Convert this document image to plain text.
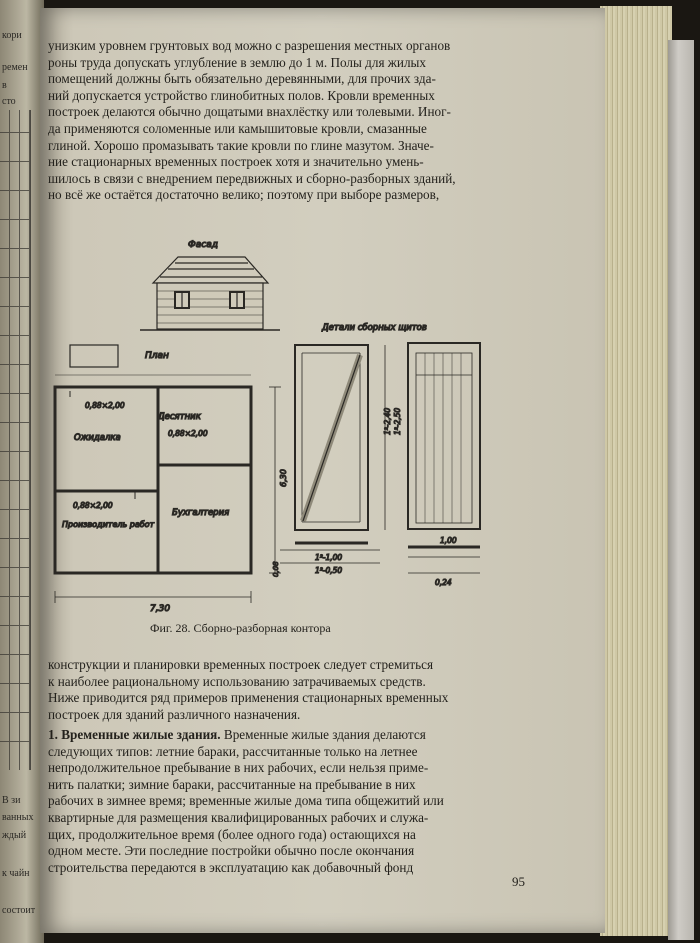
кори
ремен
в
сто
В зи
ванных
ждый
к чайн
состоит

унизким уровнем грунтовых вод можно с разрешения местных органов

роны труда допускать углубление в землю до 1 м. Полы для жилых

помещений должны быть обязательно деревянными, для прочих зда-

ний допускается устройство глинобитных полов. Кровли временных

построек делаются обычно дощатыми внахлёстку или толевыми. Иног-

да применяются соломенные или камышитовые кровли, смазанные

глиной. Хорошо промазывать такие кровли по глине мазутом. Значе-

ние стационарных временных построек хотя и значительно умень-

шилось в связи с внедрением передвижных и сборно-разборных зданий,

но всё же остаётся достаточно велико; поэтому при выборе размеров,

Фасад
План
Десятник
Ожидалка
Бухгалтерия
Производитель работ
0,88×2,00
0,88×2,00
0,88×2,00
7,30
6,30
Детали сборных щитов
1²-2,40 1²-2,50
1²-1,00
1²-0,50
0,08
1,00
0,24
Фиг. 28. Сборно-разборная контора

конструкции и планировки временных построек следует стремиться

к наиболее рациональному использованию затрачиваемых средств.

Ниже приводится ряд примеров применения стационарных временных

построек для зданий различного назначения.

1. Временные жилые здания. Временные жилые здания делаются

следующих типов: летние бараки, рассчитанные только на летнее

непродолжительное пребывание в них рабочих, если нельзя приме-

нить палатки; зимние бараки, рассчитанные на пребывание в них

рабочих в зимнее время; временные жилые дома типа общежитий или

квартирные для размещения квалифицированных рабочих и служа-

щих, продолжительное время (более одного года) остающихся на

одном месте. Эти последние постройки обычно после окончания

строительства передаются в эксплуатацию как добавочный фонд

95
